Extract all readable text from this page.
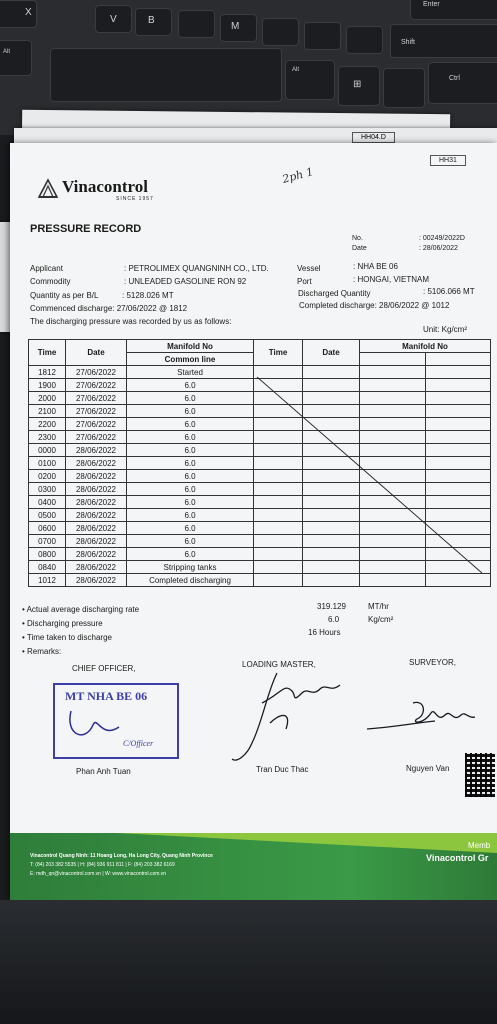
X
V	B
M
Shift
Enter
Alt
Alt
⊞
Ctrl
HH04.D
HH31
Vinacontrol
SINCE 1957
2ph 1
PRESSURE RECORD
No.	: 00249/2022D
Date	: 28/06/2022
Applicant	: PETROLIMEX QUANGNINH CO., LTD.	Vessel	: NHA BE 06
Commodity	: UNLEADED GASOLINE RON 92	Port	: HONGAI, VIETNAM
Quantity as per B/L	: 5128.026 MT	Discharged Quantity	: 5106.066 MT
Commenced discharge: 27/06/2022 @ 1812	Completed discharge: 28/06/2022 @ 1012
The discharging pressure was recorded by us as follows:
Unit: Kg/cm²
Time	Date	Manifold No	Time	Date	Manifold No	
		Common line				
1812	27/06/2022	Started				
1900	27/06/2022	6.0				
2000	27/06/2022	6.0				
2100	27/06/2022	6.0				
2200	27/06/2022	6.0				
2300	27/06/2022	6.0				
0000	28/06/2022	6.0				
0100	28/06/2022	6.0				
0200	28/06/2022	6.0				
0300	28/06/2022	6.0				
0400	28/06/2022	6.0				
0500	28/06/2022	6.0				
0600	28/06/2022	6.0				
0700	28/06/2022	6.0				
0800	28/06/2022	6.0				
0840	28/06/2022	Stripping tanks				
1012	28/06/2022	Completed discharging				
• Actual average discharging rate	319.129	MT/hr
• Discharging pressure	6.0	Kg/cm²
• Time taken to discharge
16 Hours
• Remarks:
CHIEF OFFICER,	LOADING MASTER,	SURVEYOR,
MT NHA BE 06
C/Officer
Phan Anh Tuan	Tran Duc Thac	Nguyen Van
Vinacontrol Quang Ninh: 11 Hoang Long, Ha Long City, Quang Ninh Province
T: (84) 203 382 5535 | H: (84) 936 911 811 | F: (84) 203 382 6169
E: mdh_qn@vinacontrol.com.vn | W: www.vinacontrol.com.vn
Memb
Vinacontrol Gr
